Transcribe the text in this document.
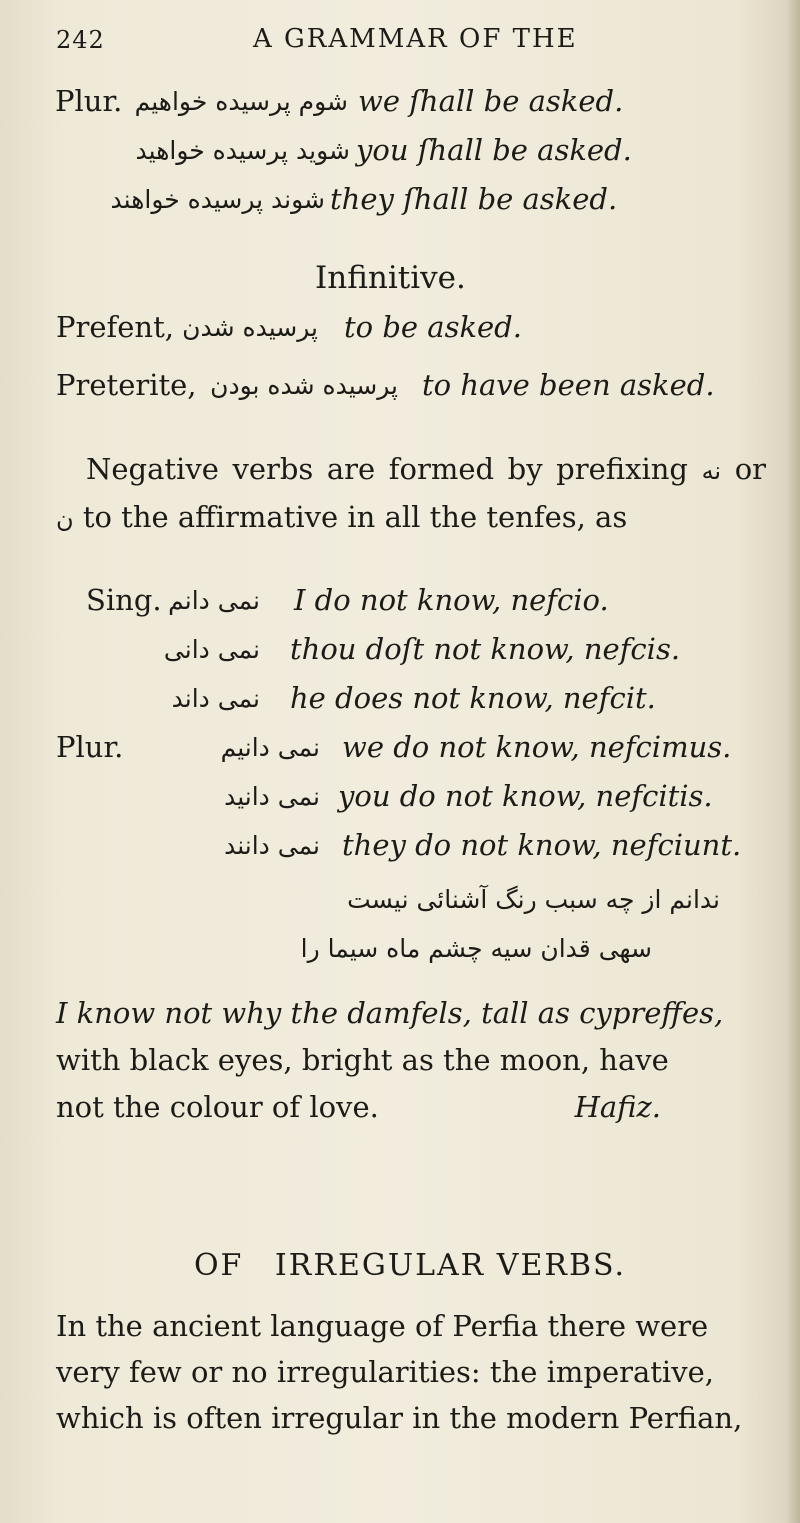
242	A GRAMMAR OF THE
Plur. شوم پرسیده خواهیم we ſhall be asked.
شوید پرسیده خواهید you ſhall be asked.
شوند پرسیده خواهند they ſhall be asked.
Infinitive.
Prefent, پرسیده شدن to be asked.
Preterite, پرسیده شده بودن to have been asked.
Negative verbs are formed by prefixing نه or
ن to the affirmative in all the tenfes, as
Sing. نمی دانم I do not know, nefcio.
نمی دانی thou doſt not know, nefcis.
نمی داند he does not know, nefcit.
Plur.	نمی دانیم we do not know, nefcimus.
نمی دانید you do not know, nefcitis.
نمی دانند they do not know, nefciunt.
ندانم از چه سبب رنگ آشنائی نیست
سهی قدان سیه چشم ماه سیما را
I know not why the damfels, tall as cypreffes,
with black eyes, bright as the moon, have
not the colour of love.	Hafiz.
OF IRREGULAR VERBS.
In the ancient language of Perfia there were
very few or no irregularities: the imperative,
which is often irregular in the modern Perfian,
